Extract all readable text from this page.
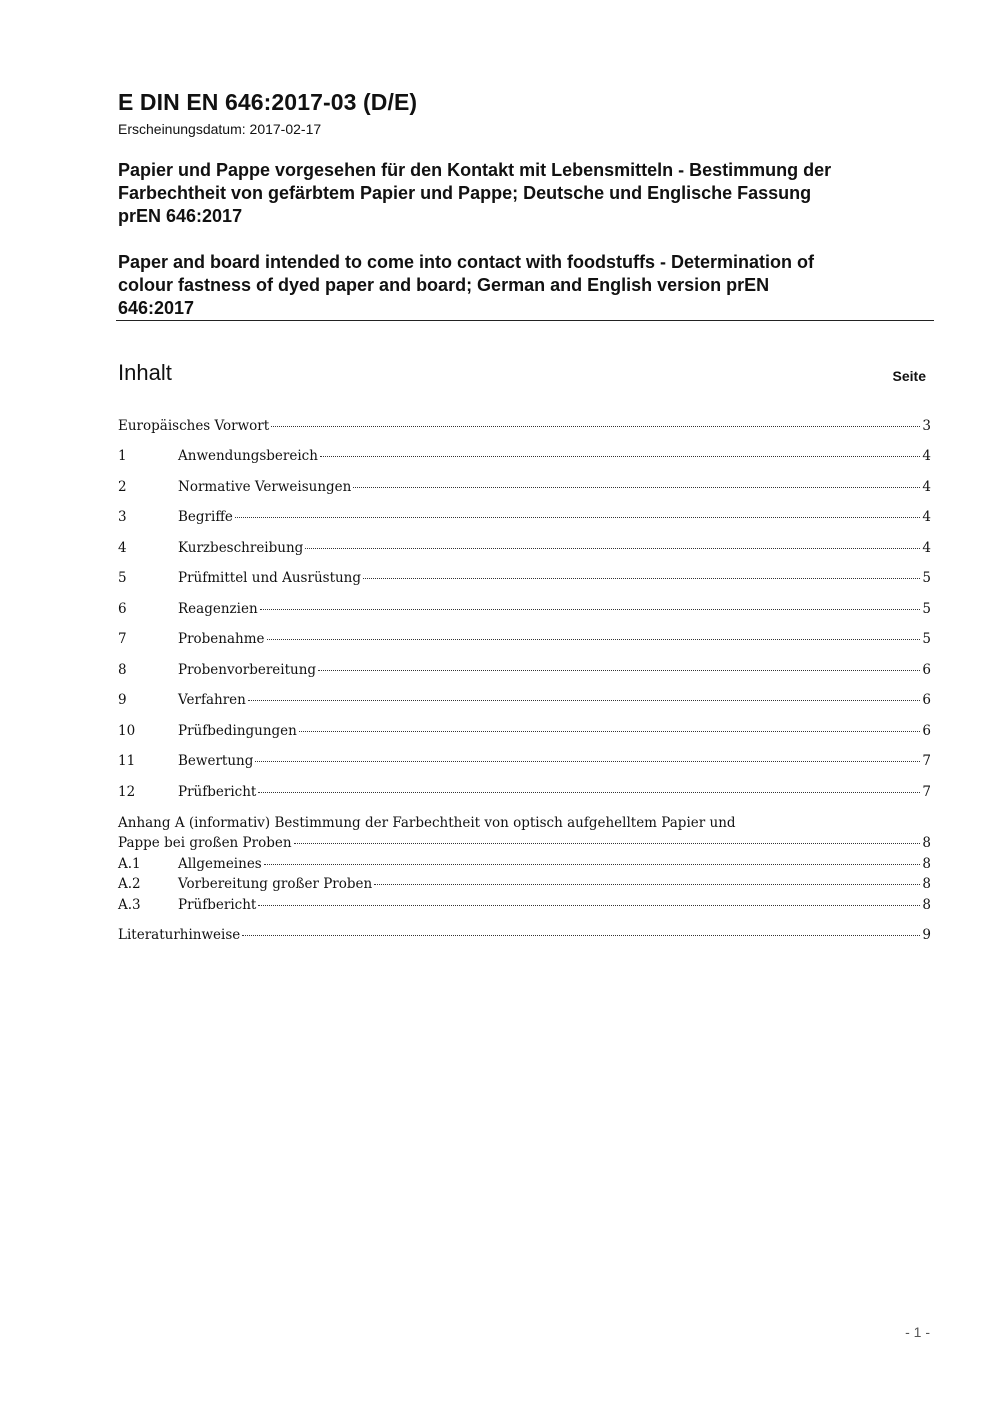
E DIN EN 646:2017-03 (D/E)
Erscheinungsdatum: 2017-02-17
Papier und Pappe vorgesehen für den Kontakt mit Lebensmitteln - Bestimmung der
Farbechtheit von gefärbtem Papier und Pappe; Deutsche und Englische Fassung
prEN 646:2017
Paper and board intended to come into contact with foodstuffs - Determination of
colour fastness of dyed paper and board; German and English version prEN
646:2017
Inhalt	Seite
Europäisches Vorwort	3
1	Anwendungsbereich	4
2	Normative Verweisungen	4
3	Begriffe	4
4	Kurzbeschreibung	4
5	Prüfmittel und Ausrüstung	5
6	Reagenzien	5
7	Probenahme	5
8	Probenvorbereitung	6
9	Verfahren	6
10	Prüfbedingungen	6
11	Bewertung	7
12	Prüfbericht	7
Anhang A (informativ) Bestimmung der Farbechtheit von optisch aufgehelltem Papier und
Pappe bei großen Proben	8
A.1	Allgemeines	8
A.2	Vorbereitung großer Proben	8
A.3	Prüfbericht	8
Literaturhinweise	9
- 1 -
